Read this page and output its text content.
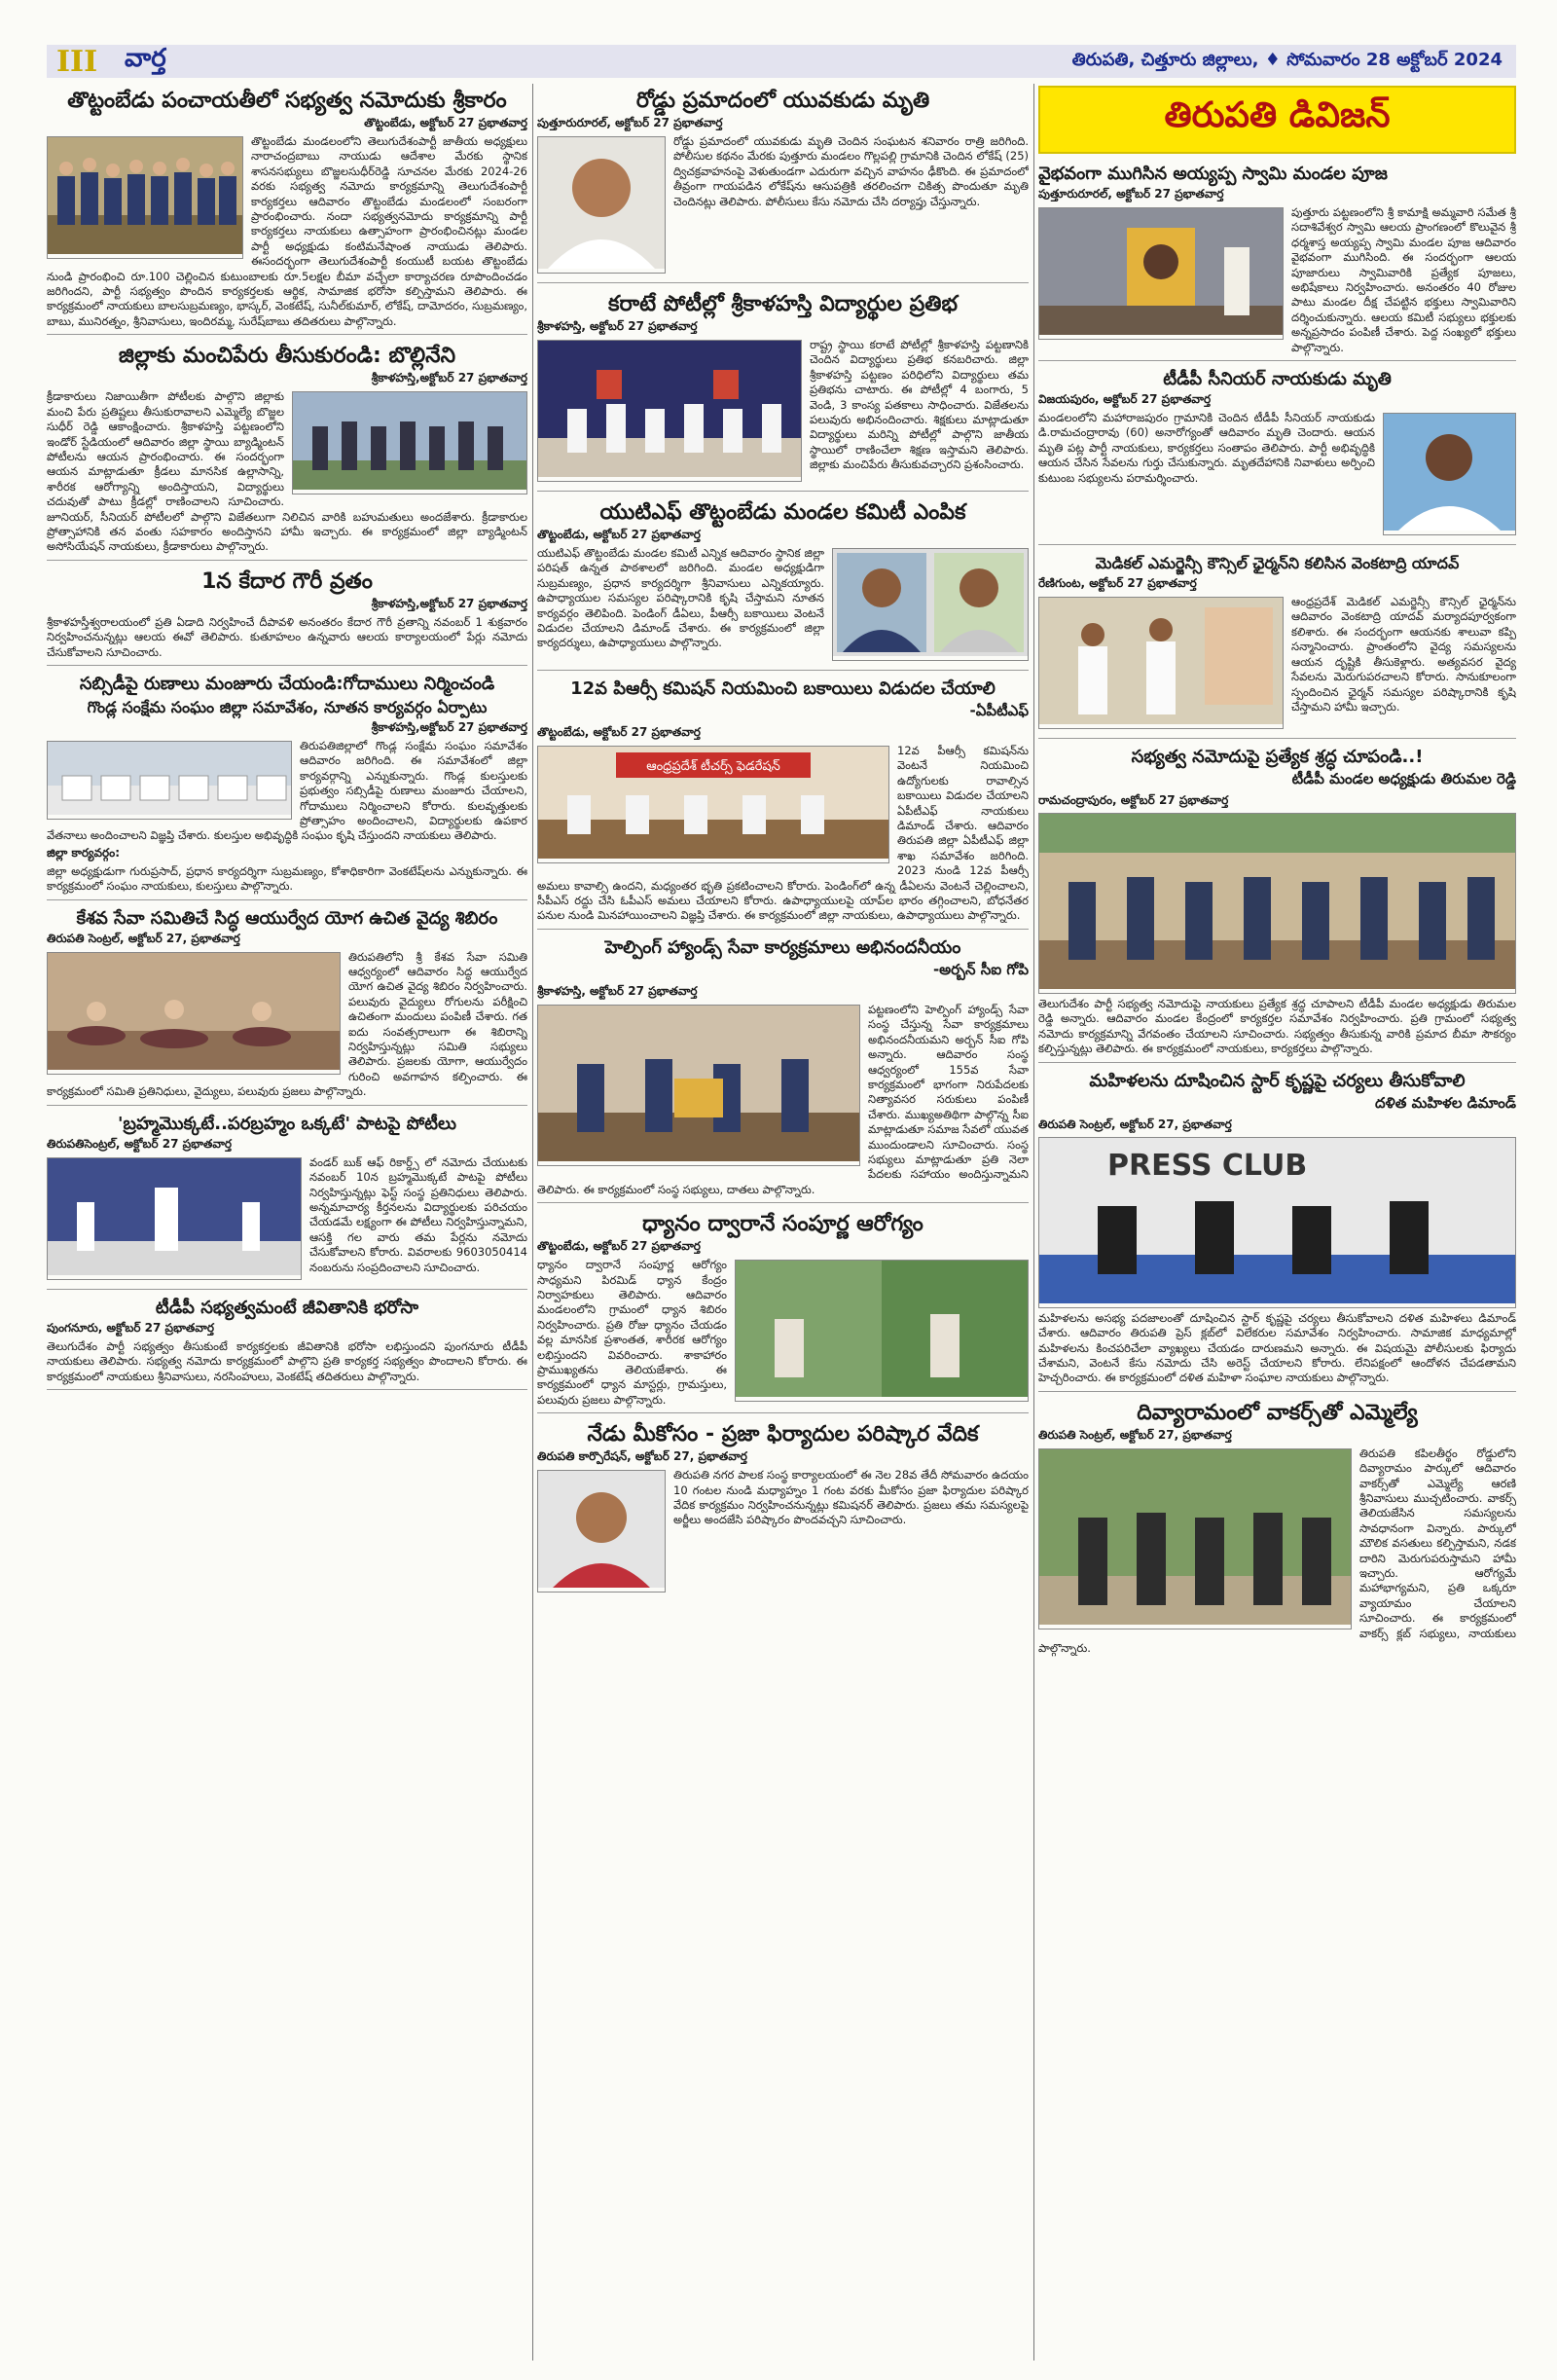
III	వార్త	తిరుపతి, చిత్తూరు జిల్లాలు, ♦ సోమవారం 28 అక్టోబర్ 2024
తొట్టంబేడు పంచాయతీలో సభ్యత్వ నమోదుకు శ్రీకారం
తొట్టంబేడు, అక్టోబర్ 27 ప్రభాతవార్త

తొట్టంబేడు మండలంలోని తెలుగుదేశంపార్టీ జాతీయ అధ్యక్షులు నారాచంద్రబాబు నాయుడు ఆదేశాల మేరకు స్థానిక శాసనసభ్యులు బొజ్జలసుధీర్‌రెడ్డి సూచనల మేరకు 2024-26 వరకు సభ్యత్వ నమోదు కార్యక్రమాన్ని తెలుగుదేశంపార్టీ కార్యకర్తలు ఆదివారం తొట్టంబేడు మండలంలో సంబరంగా ప్రారంభించారు. నందా సభ్యత్వనమోదు కార్యక్రమాన్ని పార్టీ కార్యకర్తలు నాయకులు ఉత్సాహంగా ప్రారంభించినట్లు మండల పార్టీ అధ్యక్షుడు కంటిమనేషాంత నాయుడు తెలిపారు. ఈసందర్భంగా తెలుగుదేశంపార్టీ కంయుటీ బయట తొట్టంబేడు నుండి ప్రారంభించి రూ.100 చెల్లించిన కుటుంబాలకు రూ.5లక్షల బీమా వచ్చేలా కార్యాచరణ రూపొందించడం జరిగిందని, పార్టీ సభ్యత్వం పొందిన కార్యకర్తలకు ఆర్థిక, సామాజిక భరోసా కల్పిస్తామని తెలిపారు. ఈ కార్యక్రమంలో నాయకులు బాలసుబ్రమణ్యం, భాస్కర్, వెంకటేష్, సునీల్‌కుమార్, లోకేష్, దామోదరం, సుబ్రమణ్యం, బాబు, మునిరత్నం, శ్రీనివాసులు, ఇందిరమ్మ, సురేష్‌బాబు తదితరులు పాల్గొన్నారు.

జిల్లాకు మంచిపేరు తీసుకురండి: బొల్లినేని
శ్రీకాళహస్తి,అక్టోబర్ 27 ప్రభాతవార్త

క్రీడాకారులు నిజాయితీగా పోటీలకు పాల్గొని జిల్లాకు మంచి పేరు ప్రతిష్టలు తీసుకురావాలని ఎమ్మెల్యే బొజ్జల సుధీర్ రెడ్డి ఆకాంక్షించారు. శ్రీకాళహస్తి పట్టణంలోని ఇండోర్ స్టేడియంలో ఆదివారం జిల్లా స్థాయి బ్యాడ్మింటన్ పోటీలను ఆయన ప్రారంభించారు. ఈ సందర్భంగా ఆయన మాట్లాడుతూ క్రీడలు మానసిక ఉల్లాసాన్ని, శారీరక ఆరోగ్యాన్ని అందిస్తాయని, విద్యార్థులు చదువుతో పాటు క్రీడల్లో రాణించాలని సూచించారు. జూనియర్, సీనియర్ పోటీలలో పాల్గొని విజేతలుగా నిలిచిన వారికి బహుమతులు అందజేశారు. క్రీడాకారుల ప్రోత్సాహానికి తన వంతు సహకారం అందిస్తానని హామీ ఇచ్చారు. ఈ కార్యక్రమంలో జిల్లా బ్యాడ్మింటన్ అసోసియేషన్ నాయకులు, క్రీడాకారులు పాల్గొన్నారు.

1న కేదార గౌరీ వ్రతం
శ్రీకాళహస్తి,అక్టోబర్ 27 ప్రభాతవార్త

శ్రీకాళహస్తీశ్వరాలయంలో ప్రతి ఏడాది నిర్వహించే దీపావళి అనంతరం కేదార గౌరీ వ్రతాన్ని నవంబర్ 1 శుక్రవారం నిర్వహించనున్నట్లు ఆలయ ఈవో తెలిపారు. కుతూహలం ఉన్నవారు ఆలయ కార్యాలయంలో పేర్లు నమోదు చేసుకోవాలని సూచించారు.

సబ్సిడీపై రుణాలు మంజూరు చేయండి:గోదాములు నిర్మించండి
గొండ్ల సంక్షేమ సంఘం జిల్లా సమావేశం, నూతన కార్యవర్గం ఏర్పాటు
శ్రీకాళహస్తి,అక్టోబర్ 27 ప్రభాతవార్త

తిరుపతిజిల్లాలో గొండ్ల సంక్షేమ సంఘం సమావేశం ఆదివారం జరిగింది. ఈ సమావేశంలో జిల్లా కార్యవర్గాన్ని ఎన్నుకున్నారు. గొండ్ల కులస్తులకు ప్రభుత్వం సబ్సిడీపై రుణాలు మంజూరు చేయాలని, గోదాములు నిర్మించాలని కోరారు. కులవృత్తులకు ప్రోత్సాహం అందించాలని, విద్యార్థులకు ఉపకార వేతనాలు అందించాలని విజ్ఞప్తి చేశారు. కులస్తుల అభివృద్ధికి సంఘం కృషి చేస్తుందని నాయకులు తెలిపారు.

జిల్లా కార్యవర్గం:

జిల్లా అధ్యక్షుడుగా గురుప్రసాద్, ప్రధాన కార్యదర్శిగా సుబ్రమణ్యం, కోశాధికారిగా వెంకటేష్‌లను ఎన్నుకున్నారు. ఈ కార్యక్రమంలో సంఘం నాయకులు, కులస్తులు పాల్గొన్నారు.

కేశవ సేవా సమితిచే సిద్ధ ఆయుర్వేద యోగ ఉచిత వైద్య శిబిరం
తిరుపతి సెంట్రల్, అక్టోబర్ 27, ప్రభాతవార్త

తిరుపతిలోని శ్రీ కేశవ సేవా సమితి ఆధ్వర్యంలో ఆదివారం సిద్ధ ఆయుర్వేద యోగ ఉచిత వైద్య శిబిరం నిర్వహించారు. పలువురు వైద్యులు రోగులను పరీక్షించి ఉచితంగా మందులు పంపిణీ చేశారు. గత ఐదు సంవత్సరాలుగా ఈ శిబిరాన్ని నిర్వహిస్తున్నట్లు సమితి సభ్యులు తెలిపారు. ప్రజలకు యోగా, ఆయుర్వేదం గురించి అవగాహన కల్పించారు. ఈ కార్యక్రమంలో సమితి ప్రతినిధులు, వైద్యులు, పలువురు ప్రజలు పాల్గొన్నారు.

'బ్రహ్మమొక్కటే..పరబ్రహ్మం ఒక్కటే' పాటపై పోటీలు
తిరుపతిసెంట్రల్, అక్టోబర్ 27 ప్రభాతవార్త

వండర్ బుక్ ఆఫ్ రికార్డ్స్ లో నమోదు చేయుటకు నవంబర్ 10న బ్రహ్మమొక్కటే పాటపై పోటీలు నిర్వహిస్తున్నట్లు ఫెస్ట్ సంస్థ ప్రతినిధులు తెలిపారు. అన్నమాచార్య కీర్తనలను విద్యార్థులకు పరిచయం చేయడమే లక్ష్యంగా ఈ పోటీలు నిర్వహిస్తున్నామని, ఆసక్తి గల వారు తమ పేర్లను నమోదు చేసుకోవాలని కోరారు. వివరాలకు 9603050414 నంబరును సంప్రదించాలని సూచించారు.

టీడీపీ సభ్యత్వమంటే జీవితానికి భరోసా
పుంగనూరు, అక్టోబర్ 27 ప్రభాతవార్త

తెలుగుదేశం పార్టీ సభ్యత్వం తీసుకుంటే కార్యకర్తలకు జీవితానికి భరోసా లభిస్తుందని పుంగనూరు టీడీపీ నాయకులు తెలిపారు. సభ్యత్వ నమోదు కార్యక్రమంలో పాల్గొని ప్రతి కార్యకర్త సభ్యత్వం పొందాలని కోరారు. ఈ కార్యక్రమంలో నాయకులు శ్రీనివాసులు, నరసింహులు, వెంకటేష్ తదితరులు పాల్గొన్నారు.

రోడ్డు ప్రమాదంలో యువకుడు మృతి
పుత్తూరురూరల్, అక్టోబర్ 27 ప్రభాతవార్త

రోడ్డు ప్రమాదంలో యువకుడు మృతి చెందిన సంఘటన శనివారం రాత్రి జరిగింది. పోలీసుల కథనం మేరకు పుత్తూరు మండలం గొల్లపల్లి గ్రామానికి చెందిన లోకేష్ (25) ద్విచక్రవాహనంపై వెళుతుండగా ఎదురుగా వచ్చిన వాహనం ఢీకొంది. ఈ ప్రమాదంలో తీవ్రంగా గాయపడిన లోకేష్‌ను ఆసుపత్రికి తరలించగా చికిత్స పొందుతూ మృతి చెందినట్లు తెలిపారు. పోలీసులు కేసు నమోదు చేసి దర్యాప్తు చేస్తున్నారు.

కరాటే పోటీల్లో శ్రీకాళహస్తి విద్యార్థుల ప్రతిభ
శ్రీకాళహస్తి, అక్టోబర్ 27 ప్రభాతవార్త

రాష్ట్ర స్థాయి కరాటే పోటీల్లో శ్రీకాళహస్తి పట్టణానికి చెందిన విద్యార్థులు ప్రతిభ కనబరిచారు. జిల్లా శ్రీకాళహస్తి పట్టణం పరిధిలోని విద్యార్థులు తమ ప్రతిభను చాటారు. ఈ పోటీల్లో 4 బంగారు, 5 వెండి, 3 కాంస్య పతకాలు సాధించారు. విజేతలను పలువురు అభినందించారు. శిక్షకులు మాట్లాడుతూ విద్యార్థులు మరిన్ని పోటీల్లో పాల్గొని జాతీయ స్థాయిలో రాణించేలా శిక్షణ ఇస్తామని తెలిపారు. జిల్లాకు మంచిపేరు తీసుకువచ్చారని ప్రశంసించారు.

యుటిఎఫ్ తొట్టంబేడు మండల కమిటీ ఎంపిక
తొట్టంబేడు, అక్టోబర్ 27 ప్రభాతవార్త

యుటిఎఫ్ తొట్టంబేడు మండల కమిటీ ఎన్నిక ఆదివారం స్థానిక జిల్లా పరిషత్ ఉన్నత పాఠశాలలో జరిగింది. మండల అధ్యక్షుడిగా సుబ్రమణ్యం, ప్రధాన కార్యదర్శిగా శ్రీనివాసులు ఎన్నికయ్యారు. ఉపాధ్యాయుల సమస్యల పరిష్కారానికి కృషి చేస్తామని నూతన కార్యవర్గం తెలిపింది. పెండింగ్ డీఏలు, పీఆర్సీ బకాయిలు వెంటనే విడుదల చేయాలని డిమాండ్ చేశారు. ఈ కార్యక్రమంలో జిల్లా కార్యదర్శులు, ఉపాధ్యాయులు పాల్గొన్నారు.

12వ పిఆర్సీ కమిషన్ నియమించి బకాయిలు విడుదల చేయాలి
-ఏపీటీఎఫ్
తొట్టంబేడు, అక్టోబర్ 27 ప్రభాతవార్త
ఆంధ్రప్రదేశ్ టీచర్స్ ఫెడరేషన్

12వ పీఆర్సీ కమిషన్‌ను వెంటనే నియమించి ఉద్యోగులకు రావాల్సిన బకాయిలు విడుదల చేయాలని ఏపీటీఎఫ్ నాయకులు డిమాండ్ చేశారు. ఆదివారం తిరుపతి జిల్లా ఏపీటీఎఫ్ జిల్లా శాఖ సమావేశం జరిగింది. 2023 నుండి 12వ పీఆర్సీ అమలు కావాల్సి ఉందని, మధ్యంతర భృతి ప్రకటించాలని కోరారు. పెండింగ్‌లో ఉన్న డీఏలను వెంటనే చెల్లించాలని, సీపీఎస్ రద్దు చేసి ఓపీఎస్ అమలు చేయాలని కోరారు. ఉపాధ్యాయులపై యాప్‌ల భారం తగ్గించాలని, బోధనేతర పనుల నుండి మినహాయించాలని విజ్ఞప్తి చేశారు. ఈ కార్యక్రమంలో జిల్లా నాయకులు, ఉపాధ్యాయులు పాల్గొన్నారు.

హెల్పింగ్ హ్యాండ్స్ సేవా కార్యక్రమాలు అభినందనీయం
-అర్బన్ సీఐ గోపి
శ్రీకాళహస్తి, అక్టోబర్ 27 ప్రభాతవార్త

పట్టణంలోని హెల్పింగ్ హ్యాండ్స్ సేవా సంస్థ చేస్తున్న సేవా కార్యక్రమాలు అభినందనీయమని అర్బన్ సీఐ గోపి అన్నారు. ఆదివారం సంస్థ ఆధ్వర్యంలో 155వ సేవా కార్యక్రమంలో భాగంగా నిరుపేదలకు నిత్యావసర సరుకులు పంపిణీ చేశారు. ముఖ్యఅతిథిగా పాల్గొన్న సీఐ మాట్లాడుతూ సమాజ సేవలో యువత ముందుండాలని సూచించారు. సంస్థ సభ్యులు మాట్లాడుతూ ప్రతి నెలా పేదలకు సహాయం అందిస్తున్నామని తెలిపారు. ఈ కార్యక్రమంలో సంస్థ సభ్యులు, దాతలు పాల్గొన్నారు.

ధ్యానం ద్వారానే సంపూర్ణ ఆరోగ్యం
తొట్టంబేడు, అక్టోబర్ 27 ప్రభాతవార్త

ధ్యానం ద్వారానే సంపూర్ణ ఆరోగ్యం సాధ్యమని పిరమిడ్ ధ్యాన కేంద్రం నిర్వాహకులు తెలిపారు. ఆదివారం మండలంలోని గ్రామంలో ధ్యాన శిబిరం నిర్వహించారు. ప్రతి రోజు ధ్యానం చేయడం వల్ల మానసిక ప్రశాంతత, శారీరక ఆరోగ్యం లభిస్తుందని వివరించారు. శాకాహారం ప్రాముఖ్యతను తెలియజేశారు. ఈ కార్యక్రమంలో ధ్యాన మాస్టర్లు, గ్రామస్తులు, పలువురు ప్రజలు పాల్గొన్నారు.

నేడు మీకోసం - ప్రజా ఫిర్యాదుల పరిష్కార వేదిక
తిరుపతి కార్పొరేషన్, అక్టోబర్ 27, ప్రభాతవార్త

తిరుపతి నగర పాలక సంస్థ కార్యాలయంలో ఈ నెల 28వ తేదీ సోమవారం ఉదయం 10 గంటల నుండి మధ్యాహ్నం 1 గంట వరకు మీకోసం ప్రజా ఫిర్యాదుల పరిష్కార వేదిక కార్యక్రమం నిర్వహించనున్నట్లు కమిషనర్ తెలిపారు. ప్రజలు తమ సమస్యలపై అర్జీలు అందజేసి పరిష్కారం పొందవచ్చని సూచించారు.

తిరుపతి డివిజన్
వైభవంగా ముగిసిన అయ్యప్ప స్వామి మండల పూజ
పుత్తూరురూరల్, అక్టోబర్ 27 ప్రభాతవార్త

పుత్తూరు పట్టణంలోని శ్రీ కామాక్షి అమ్మవారి సమేత శ్రీ సదాశివేశ్వర స్వామి ఆలయ ప్రాంగణంలో కొలువైన శ్రీ ధర్మశాస్త అయ్యప్ప స్వామి మండల పూజ ఆదివారం వైభవంగా ముగిసింది. ఈ సందర్భంగా ఆలయ పూజారులు స్వామివారికి ప్రత్యేక పూజలు, అభిషేకాలు నిర్వహించారు. అనంతరం 40 రోజుల పాటు మండల దీక్ష చేపట్టిన భక్తులు స్వామివారిని దర్శించుకున్నారు. ఆలయ కమిటీ సభ్యులు భక్తులకు అన్నప్రసాదం పంపిణీ చేశారు. పెద్ద సంఖ్యలో భక్తులు పాల్గొన్నారు.

టీడీపీ సీనియర్ నాయకుడు మృతి
విజయపురం, అక్టోబర్ 27 ప్రభాతవార్త

మండలంలోని మహారాజపురం గ్రామానికి చెందిన టీడీపీ సీనియర్ నాయకుడు డి.రామచంద్రారావు (60) అనారోగ్యంతో ఆదివారం మృతి చెందారు. ఆయన మృతి పట్ల పార్టీ నాయకులు, కార్యకర్తలు సంతాపం తెలిపారు. పార్టీ అభివృద్ధికి ఆయన చేసిన సేవలను గుర్తు చేసుకున్నారు. మృతదేహానికి నివాళులు అర్పించి కుటుంబ సభ్యులను పరామర్శించారు.

మెడికల్ ఎమర్జెన్సీ కౌన్సిల్ ఛైర్మన్‌ని కలిసిన వెంకటాద్రి యాదవ్
రేణిగుంట, అక్టోబర్ 27 ప్రభాతవార్త

ఆంధ్రప్రదేశ్ మెడికల్ ఎమర్జెన్సీ కౌన్సిల్ ఛైర్మన్‌ను ఆదివారం వెంకటాద్రి యాదవ్ మర్యాదపూర్వకంగా కలిశారు. ఈ సందర్భంగా ఆయనకు శాలువా కప్పి సన్మానించారు. ప్రాంతంలోని వైద్య సమస్యలను ఆయన దృష్టికి తీసుకెళ్లారు. అత్యవసర వైద్య సేవలను మెరుగుపరచాలని కోరారు. సానుకూలంగా స్పందించిన ఛైర్మన్ సమస్యల పరిష్కారానికి కృషి చేస్తామని హామీ ఇచ్చారు.

సభ్యత్వ నమోదుపై ప్రత్యేక శ్రద్ధ చూపండి..!
టీడీపీ మండల అధ్యక్షుడు తిరుమల రెడ్డి
రామచంద్రాపురం, అక్టోబర్ 27 ప్రభాతవార్త

తెలుగుదేశం పార్టీ సభ్యత్వ నమోదుపై నాయకులు ప్రత్యేక శ్రద్ధ చూపాలని టీడీపీ మండల అధ్యక్షుడు తిరుమల రెడ్డి అన్నారు. ఆదివారం మండల కేంద్రంలో కార్యకర్తల సమావేశం నిర్వహించారు. ప్రతి గ్రామంలో సభ్యత్వ నమోదు కార్యక్రమాన్ని వేగవంతం చేయాలని సూచించారు. సభ్యత్వం తీసుకున్న వారికి ప్రమాద బీమా సౌకర్యం కల్పిస్తున్నట్లు తెలిపారు. ఈ కార్యక్రమంలో నాయకులు, కార్యకర్తలు పాల్గొన్నారు.

మహిళలను దూషించిన స్టార్ కృష్ణపై చర్యలు తీసుకోవాలి
దళిత మహిళల డిమాండ్
తిరుపతి సెంట్రల్, అక్టోబర్ 27, ప్రభాతవార్త
PRESS CLUB

మహిళలను అసభ్య పదజాలంతో దూషించిన స్టార్ కృష్ణపై చర్యలు తీసుకోవాలని దళిత మహిళలు డిమాండ్ చేశారు. ఆదివారం తిరుపతి ప్రెస్ క్లబ్‌లో విలేకరుల సమావేశం నిర్వహించారు. సామాజిక మాధ్యమాల్లో మహిళలను కించపరిచేలా వ్యాఖ్యలు చేయడం దారుణమని అన్నారు. ఈ విషయమై పోలీసులకు ఫిర్యాదు చేశామని, వెంటనే కేసు నమోదు చేసి అరెస్ట్ చేయాలని కోరారు. లేనిపక్షంలో ఆందోళన చేపడతామని హెచ్చరించారు. ఈ కార్యక్రమంలో దళిత మహిళా సంఘాల నాయకులు పాల్గొన్నారు.

దివ్యారామంలో వాకర్స్‌తో ఎమ్మెల్యే
తిరుపతి సెంట్రల్, అక్టోబర్ 27, ప్రభాతవార్త

తిరుపతి కపిలతీర్థం రోడ్డులోని దివ్యారామం పార్కులో ఆదివారం వాకర్స్‌తో ఎమ్మెల్యే ఆరణి శ్రీనివాసులు ముచ్చటించారు. వాకర్స్ తెలియజేసిన సమస్యలను సావధానంగా విన్నారు. పార్కులో మౌలిక వసతులు కల్పిస్తామని, నడక దారిని మెరుగుపరుస్తామని హామీ ఇచ్చారు. ఆరోగ్యమే మహాభాగ్యమని, ప్రతి ఒక్కరూ వ్యాయామం చేయాలని సూచించారు. ఈ కార్యక్రమంలో వాకర్స్ క్లబ్ సభ్యులు, నాయకులు పాల్గొన్నారు.
